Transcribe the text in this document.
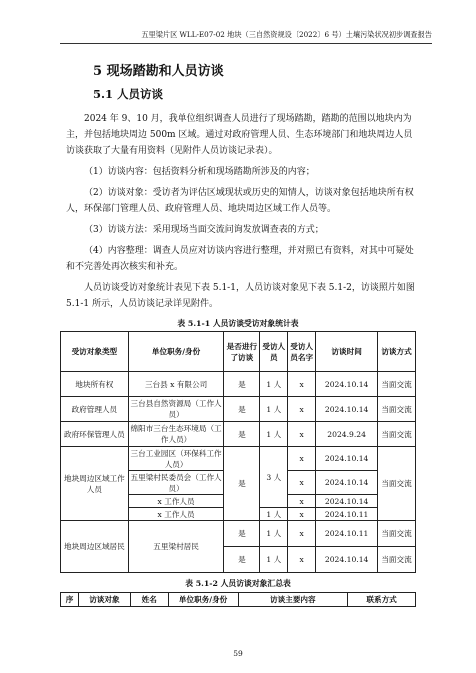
五里梁片区 WLL-E07-02 地块（三自然资规设〔2022〕6 号）土壤污染状况初步调查报告
5 现场踏勘和人员访谈
5.1 人员访谈

2024 年 9、10 月，我单位组织调查人员进行了现场踏勘，踏勘的范围以地块内为主，并包括地块周边 500m 区域。通过对政府管理人员、生态环境部门和地块周边人员访谈获取了大量有用资料（见附件人员访谈记录表）。

（1）访谈内容：包括资料分析和现场踏勘所涉及的内容；

（2）访谈对象：受访者为评估区域现状或历史的知情人，访谈对象包括地块所有权人，环保部门管理人员、政府管理人员、地块周边区域工作人员等。

（3）访谈方法：采用现场当面交流问询发放调查表的方式；

（4）内容整理：调查人员应对访谈内容进行整理，并对照已有资料，对其中可疑处和不完善处再次核实和补充。

人员访谈受访对象统计表见下表 5.1-1，人员访谈对象见下表 5.1-2，访谈照片如图 5.1-1 所示，人员访谈记录详见附件。

表 5.1-1 人员访谈受访对象统计表
受访对象类型	单位职务/身份	是否进行了访谈	受访人员	受访人员名字	访谈时间	访谈方式
地块所有权	三台县 x 有限公司	是	1 人	x	2024.10.14	当面交流
政府管理人员	三台县自然资源局（工作人员）	是	1 人	x	2024.10.14	当面交流
政府环保管理人员	绵阳市三台生态环境局（工作人员）	是	1 人	x	2024.9.24	当面交流
地块周边区域工作人员	三台工业园区（环保科工作人员）	是	3 人	x	2024.10.14	当面交流
	五里梁村民委员会（工作人员）			x	2024.10.14	
	x 工作人员			x	2024.10.14	
	x 工作人员		1 人	x	2024.10.11	
地块周边区域居民	五里梁村居民	是	1 人	x	2024.10.11	当面交流
		是	1 人	x	2024.10.14	当面交流
表 5.1-2 人员访谈对象汇总表
序	访谈对象	姓名	单位职务/身份	访谈主要内容	联系方式
59
